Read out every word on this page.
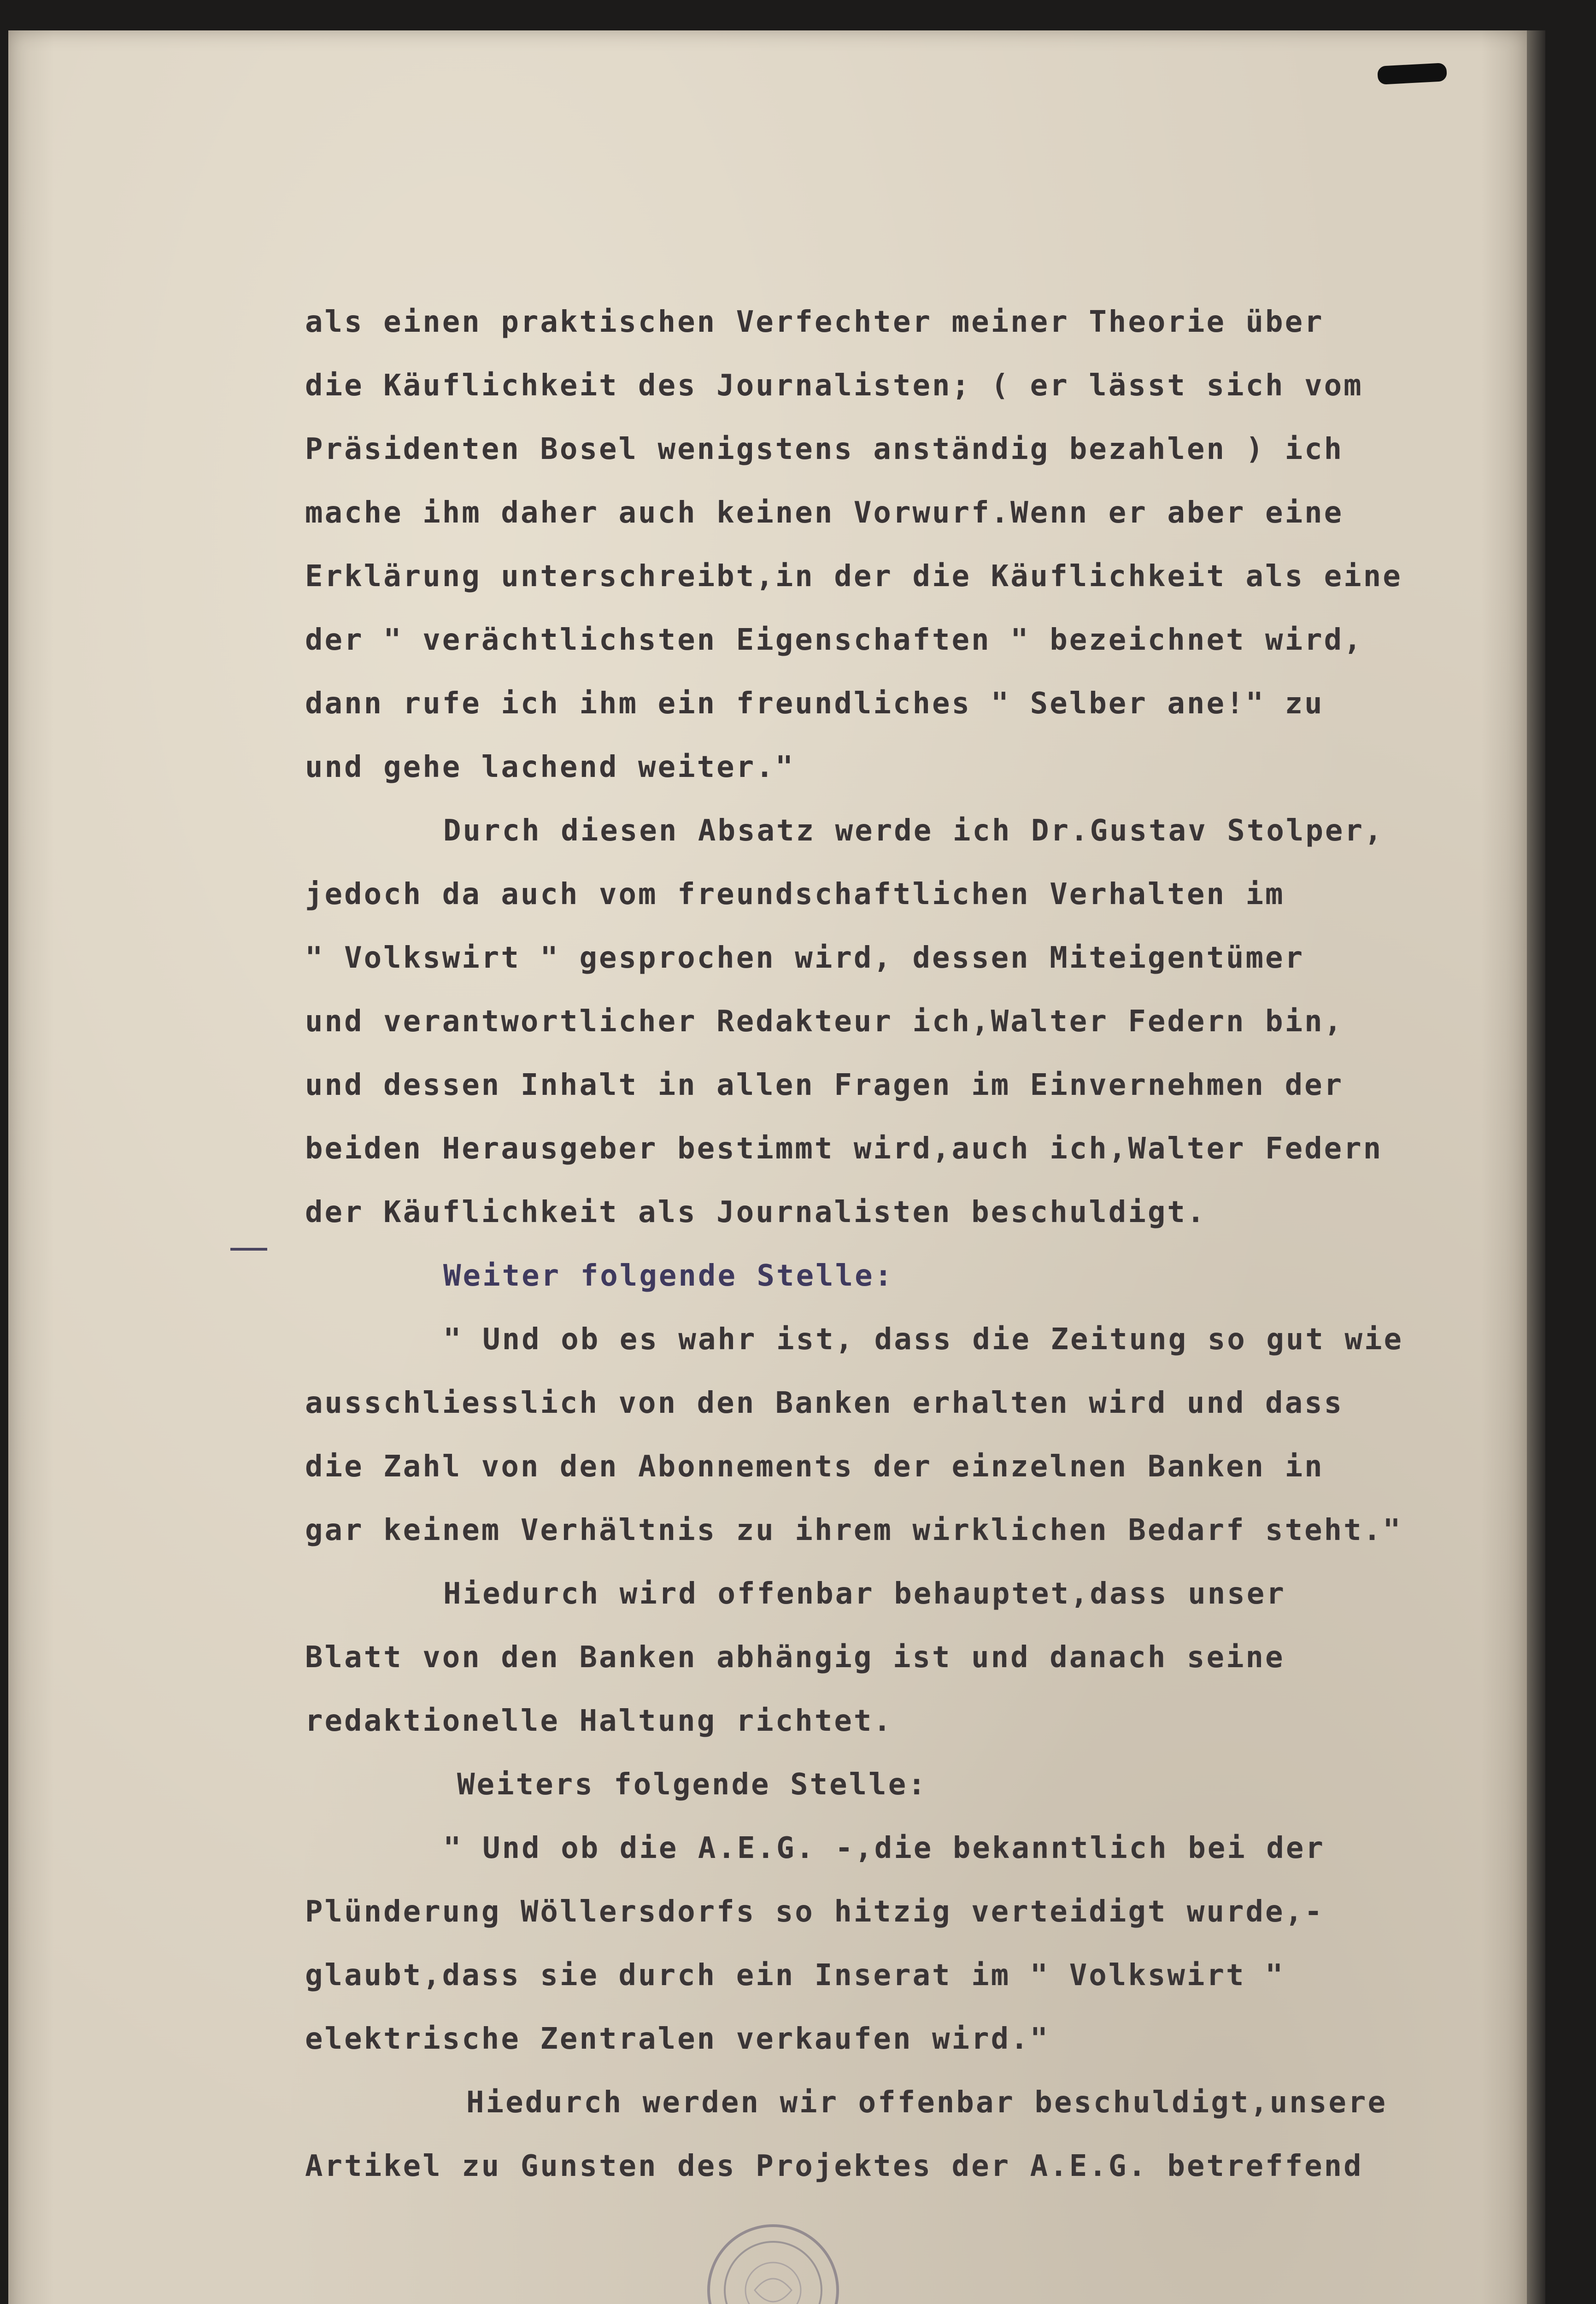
als einen praktischen Verfechter meiner Theorie über
die Käuflichkeit des Journalisten; ( er lässt sich vom
Präsidenten Bosel wenigstens anständig bezahlen ) ich
mache ihm daher auch keinen Vorwurf.Wenn er aber eine
Erklärung unterschreibt,in der die Käuflichkeit als eine
der " verächtlichsten Eigenschaften " bezeichnet wird,
dann rufe ich ihm ein freundliches " Selber ane!" zu
und gehe lachend weiter."
Durch diesen Absatz werde ich Dr.Gustav Stolper,
jedoch da auch vom freundschaftlichen Verhalten im
" Volkswirt " gesprochen wird, dessen Miteigentümer
und verantwortlicher Redakteur ich,Walter Federn bin,
und dessen Inhalt in allen Fragen im Einvernehmen der
beiden Herausgeber bestimmt wird,auch ich,Walter Federn
der Käuflichkeit als Journalisten beschuldigt.
Weiter folgende Stelle:
" Und ob es wahr ist, dass die Zeitung so gut wie
ausschliesslich von den Banken erhalten wird und dass
die Zahl von den Abonnements der einzelnen Banken in
gar keinem Verhältnis zu ihrem wirklichen Bedarf steht."
Hiedurch wird offenbar behauptet,dass unser
Blatt von den Banken abhängig ist und danach seine
redaktionelle Haltung richtet.
Weiters folgende Stelle:
" Und ob die A.E.G. -,die bekanntlich bei der
Plünderung Wöllersdorfs so hitzig verteidigt wurde,-
glaubt,dass sie durch ein Inserat im " Volkswirt "
elektrische Zentralen verkaufen wird."
Hiedurch werden wir offenbar beschuldigt,unsere
Artikel zu Gunsten des Projektes der A.E.G. betreffend
